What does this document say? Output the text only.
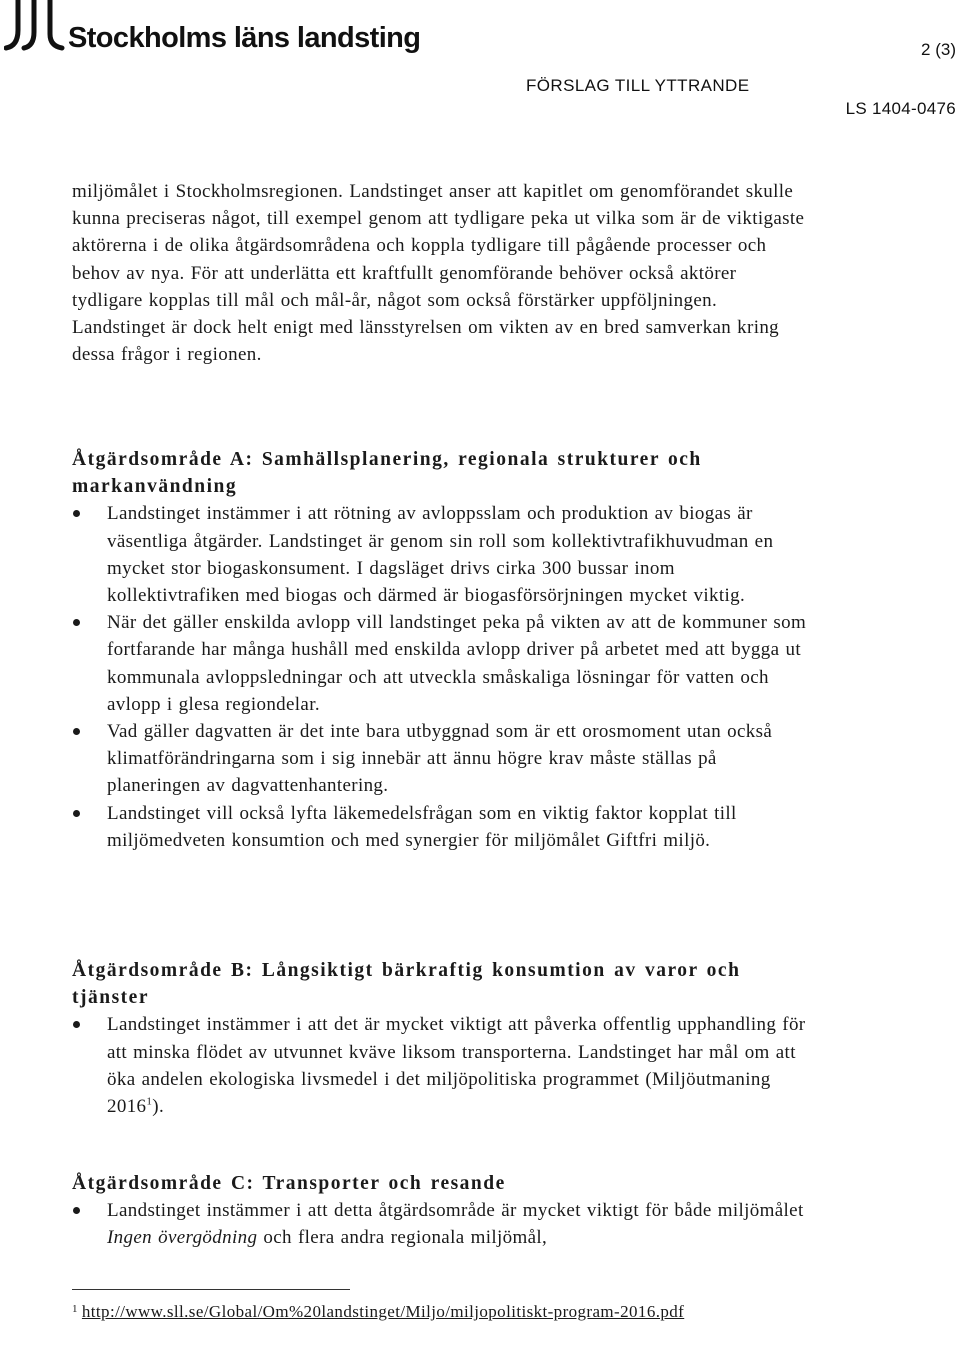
Stockholms läns landsting	2 (3)
FÖRSLAG TILL YTTRANDE
LS 1404-0476

miljömålet i Stockholmsregionen. Landstinget anser att kapitlet om genomförandet skulle kunna preciseras något, till exempel genom att tydligare peka ut vilka som är de viktigaste aktörerna i de olika åtgärdsområdena och koppla tydligare till pågående processer och behov av nya. För att underlätta ett kraftfullt genomförande behöver också aktörer tydligare kopplas till mål och mål-år, något som också förstärker uppföljningen. Landstinget är dock helt enigt med länsstyrelsen om vikten av en bred samverkan kring dessa frågor i regionen.

Åtgärdsområde A: Samhällsplanering, regionala strukturer och markanvändning
Landstinget instämmer i att rötning av avloppsslam och produktion av biogas är väsentliga åtgärder. Landstinget är genom sin roll som kollektivtrafikhuvudman en mycket stor biogaskonsument. I dagsläget drivs cirka 300 bussar inom kollektivtrafiken med biogas och därmed är biogasförsörjningen mycket viktig.
När det gäller enskilda avlopp vill landstinget peka på vikten av att de kommuner som fortfarande har många hushåll med enskilda avlopp driver på arbetet med att bygga ut kommunala avloppsledningar och att utveckla småskaliga lösningar för vatten och avlopp i glesa regiondelar.
Vad gäller dagvatten är det inte bara utbyggnad som är ett orosmoment utan också klimatförändringarna som i sig innebär att ännu högre krav måste ställas på planeringen av dagvattenhantering.
Landstinget vill också lyfta läkemedelsfrågan som en viktig faktor kopplat till miljömedveten konsumtion och med synergier för miljömålet Giftfri miljö.
Åtgärdsområde B: Långsiktigt bärkraftig konsumtion av varor och tjänster
Landstinget instämmer i att det är mycket viktigt att påverka offentlig upphandling för att minska flödet av utvunnet kväve liksom transporterna. Landstinget har mål om att öka andelen ekologiska livsmedel i det miljöpolitiska programmet (Miljöutmaning 2016$^1$).
Åtgärdsområde C: Transporter och resande
Landstinget instämmer i att detta åtgärdsområde är mycket viktigt för både miljömålet Ingen övergödning och flera andra regionala miljömål,
$^1$ http://www.sll.se/Global/Om%20landstinget/Miljo/miljopolitiskt-program-2016.pdf
